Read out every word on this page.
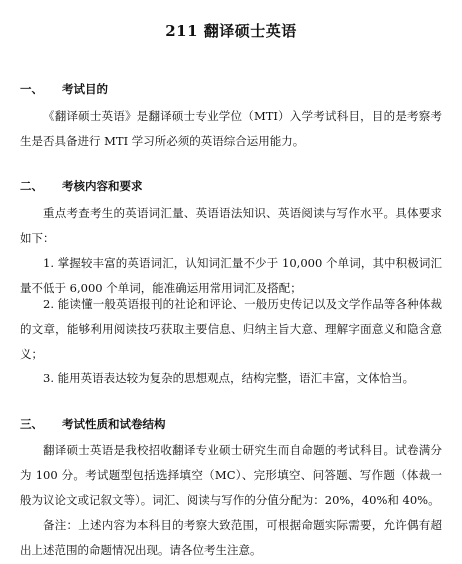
211 翻译硕士英语
一、 考试目的
《翻译硕士英语》是翻译硕士专业学位（MTI）入学考试科目，目的是考察考生是否具备进行 MTI 学习所必须的英语综合运用能力。
二、 考核内容和要求
重点考查考生的英语词汇量、英语语法知识、英语阅读与写作水平。具体要求如下：
1. 掌握较丰富的英语词汇，认知词汇量不少于 10,000 个单词，其中积极词汇量不低于 6,000 个单词，能准确运用常用词汇及搭配；
2. 能读懂一般英语报刊的社论和评论、一般历史传记以及文学作品等各种体裁的文章，能够利用阅读技巧获取主要信息、归纳主旨大意、理解字面意义和隐含意义；
3. 能用英语表达较为复杂的思想观点，结构完整，语汇丰富，文体恰当。
三、 考试性质和试卷结构
翻译硕士英语是我校招收翻译专业硕士研究生而自命题的考试科目。试卷满分为 100 分。考试题型包括选择填空（MC）、完形填空、问答题、写作题（体裁一般为议论文或记叙文等）。词汇、阅读与写作的分值分配为：20%，40%和 40%。
备注：上述内容为本科目的考察大致范围，可根据命题实际需要，允许偶有超出上述范围的命题情况出现。请各位考生注意。
